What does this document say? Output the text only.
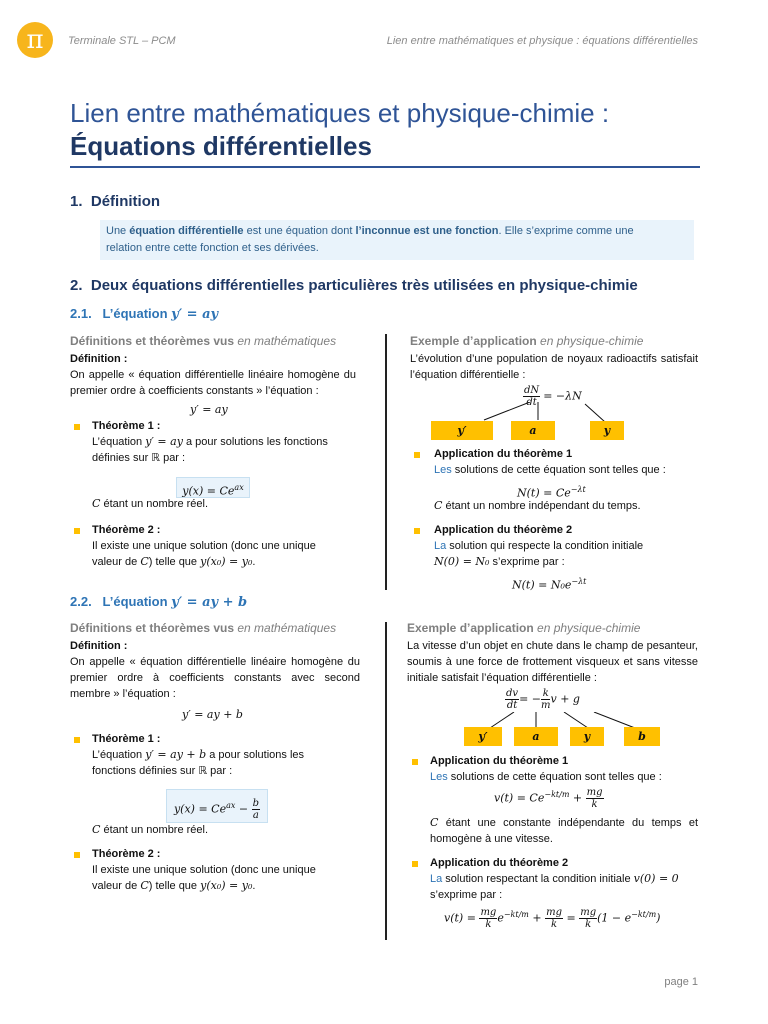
π	Terminale STL – PCM	Lien entre mathématiques et physique : équations différentielles
Lien entre mathématiques et physique-chimie :
Équations différentielles
1. Définition
Une équation différentielle est une équation dont l’inconnue est une fonction. Elle s’exprime comme une
relation entre cette fonction et ses dérivées.
2. Deux équations différentielles particulières très utilisées en physique-chimie
2.1. L’équation y′ = ay
Définitions et théorèmes vus en mathématiques
Définition :
On appelle « équation différentielle linéaire homogène du premier ordre à coefficients constants » l’équation :
y′ = ay
Théorème 1 :
L’équation y′ = ay a pour solutions les fonctions
définies sur ℝ par :
$y(x) = Ce^{ax}$
C étant un nombre réel.
Théorème 2 :
Il existe une unique solution (donc une unique
valeur de C) telle que y(x₀) = y₀.
Exemple d’application en physique-chimie
L’évolution d’une population de noyaux radioactifs satisfait l’équation différentielle :
$\frac{dN}{dt} = -\lambda N$
y′	a	y
Application du théorème 1
Les solutions de cette équation sont telles que :
$N(t) = Ce^{-\lambda t}$
C étant un nombre indépendant du temps.
Application du théorème 2
La solution qui respecte la condition initiale
N(0) = N₀ s’exprime par :
$N(t) = N_0e^{-\lambda t}$
2.2. L’équation y′ = ay + b
Définitions et théorèmes vus en mathématiques
Définition :
On appelle « équation différentielle linéaire homogène du premier ordre à coefficients constants avec second membre » l’équation :
y′ = ay + b
Théorème 1 :
L’équation y′ = ay + b a pour solutions les
fonctions définies sur ℝ par :
$y(x) = Ce^{ax} - \frac{b}{a}$
C étant un nombre réel.
Théorème 2 :
Il existe une unique solution (donc une unique
valeur de C) telle que y(x₀) = y₀.
Exemple d’application en physique-chimie
La vitesse d’un objet en chute dans le champ de pesanteur, soumis à une force de frottement visqueux et sans vitesse initiale satisfait l’équation différentielle :
$\frac{dv}{dt}$ = − $\frac{k}{m}$ v + g
y′	a	y	b
Application du théorème 1
Les solutions de cette équation sont telles que :
$v(t) = Ce^{-kt/m} + \frac{mg}{k}$
C étant une constante indépendante du temps et homogène à une vitesse.
Application du théorème 2
La solution respectant la condition initiale v(0) = 0
s’exprime par :
$v(t) = \frac{mg}{k} e^{-kt/m} + \frac{mg}{k} = \frac{mg}{k} (1 - e^{-kt/m})$
page 1
